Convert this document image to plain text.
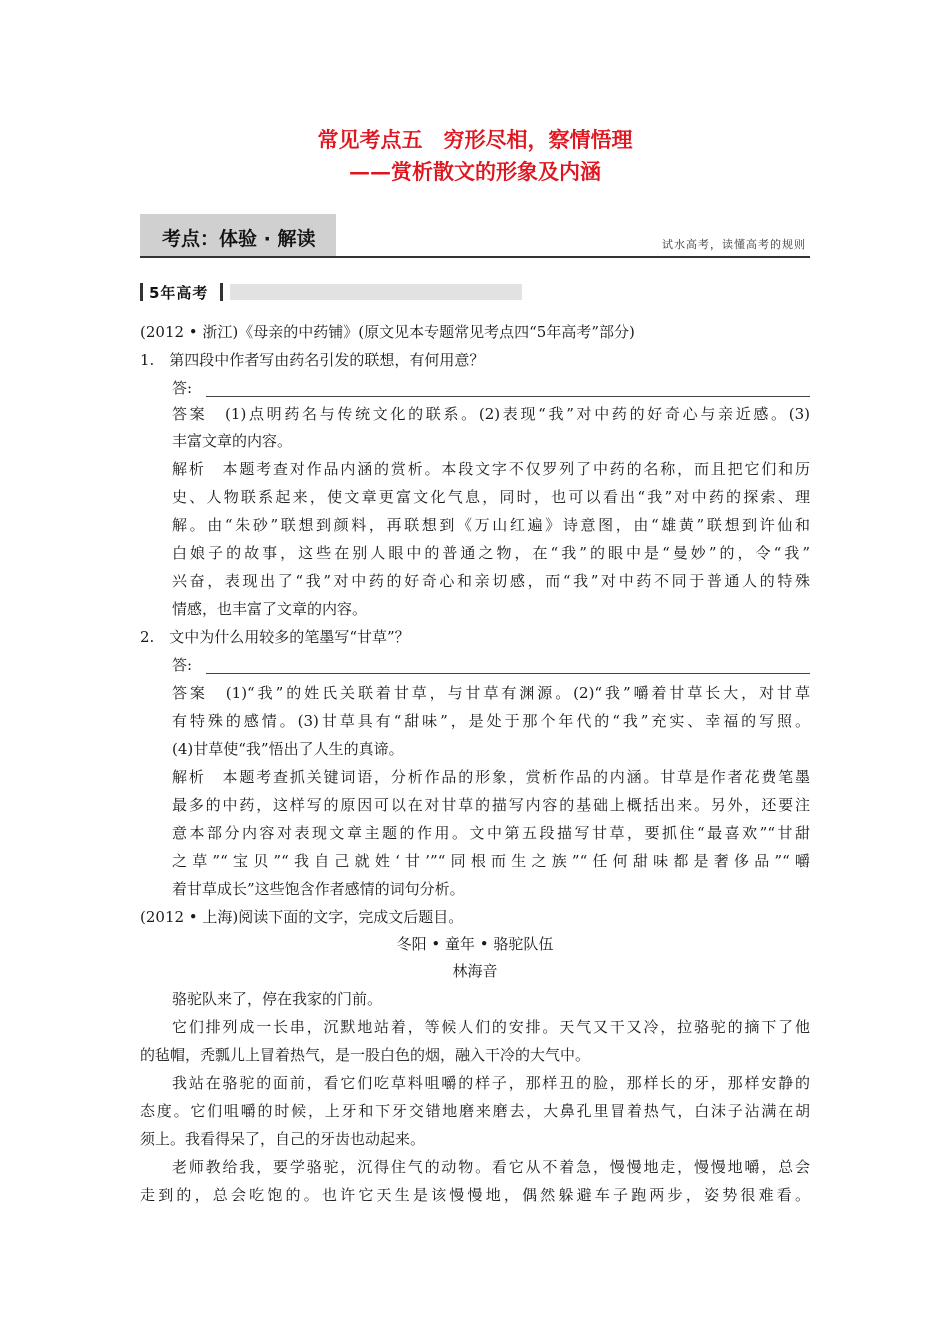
常见考点五　穷形尽相，察情悟理
——赏析散文的形象及内涵
考点：体验 · 解读	试水高考，读懂高考的规则
5年高考
(2012 • 浙江)《母亲的中药铺》(原文见本专题常见考点四“5年高考”部分)
1.　第四段中作者写由药名引发的联想，有何用意？
答:
答案　(1)点明药名与传统文化的联系。(2)表现“我”对中药的好奇心与亲近感。(3)
丰富文章的内容。
解析　本题考查对作品内涵的赏析。本段文字不仅罗列了中药的名称，而且把它们和历
史、人物联系起来，使文章更富文化气息，同时，也可以看出“我”对中药的探索、理
解。由“朱砂”联想到颜料，再联想到《万山红遍》诗意图，由“雄黄”联想到许仙和
白娘子的故事，这些在别人眼中的普通之物，在“我”的眼中是“曼妙”的，令“我”
兴奋，表现出了“我”对中药的好奇心和亲切感，而“我”对中药不同于普通人的特殊
情感，也丰富了文章的内容。
2.　文中为什么用较多的笔墨写“甘草”？
答:
答案　(1)“我”的姓氏关联着甘草，与甘草有渊源。(2)“我”嚼着甘草长大，对甘草
有特殊的感情。(3)甘草具有“甜味”，是处于那个年代的“我”充实、幸福的写照。
(4)甘草使“我”悟出了人生的真谛。
解析　本题考查抓关键词语，分析作品的形象，赏析作品的内涵。甘草是作者花费笔墨
最多的中药，这样写的原因可以在对甘草的描写内容的基础上概括出来。另外，还要注
意本部分内容对表现文章主题的作用。文中第五段描写甘草，要抓住“最喜欢”“甘甜
之草”“宝贝”“我自己就姓‘甘’”“同根而生之族”“任何甜味都是奢侈品”“嚼
着甘草成长”这些饱含作者感情的词句分析。
(2012 • 上海)阅读下面的文字，完成文后题目。
冬阳 • 童年 • 骆驼队伍
林海音
骆驼队来了，停在我家的门前。
它们排列成一长串，沉默地站着，等候人们的安排。天气又干又冷，拉骆驼的摘下了他
的毡帽，秃瓢儿上冒着热气，是一股白色的烟，融入干冷的大气中。
我站在骆驼的面前，看它们吃草料咀嚼的样子，那样丑的脸，那样长的牙，那样安静的
态度。它们咀嚼的时候，上牙和下牙交错地磨来磨去，大鼻孔里冒着热气，白沫子沾满在胡
须上。我看得呆了，自己的牙齿也动起来。
老师教给我，要学骆驼，沉得住气的动物。看它从不着急，慢慢地走，慢慢地嚼，总会
走到的，总会吃饱的。也许它天生是该慢慢地，偶然躲避车子跑两步，姿势很难看。
